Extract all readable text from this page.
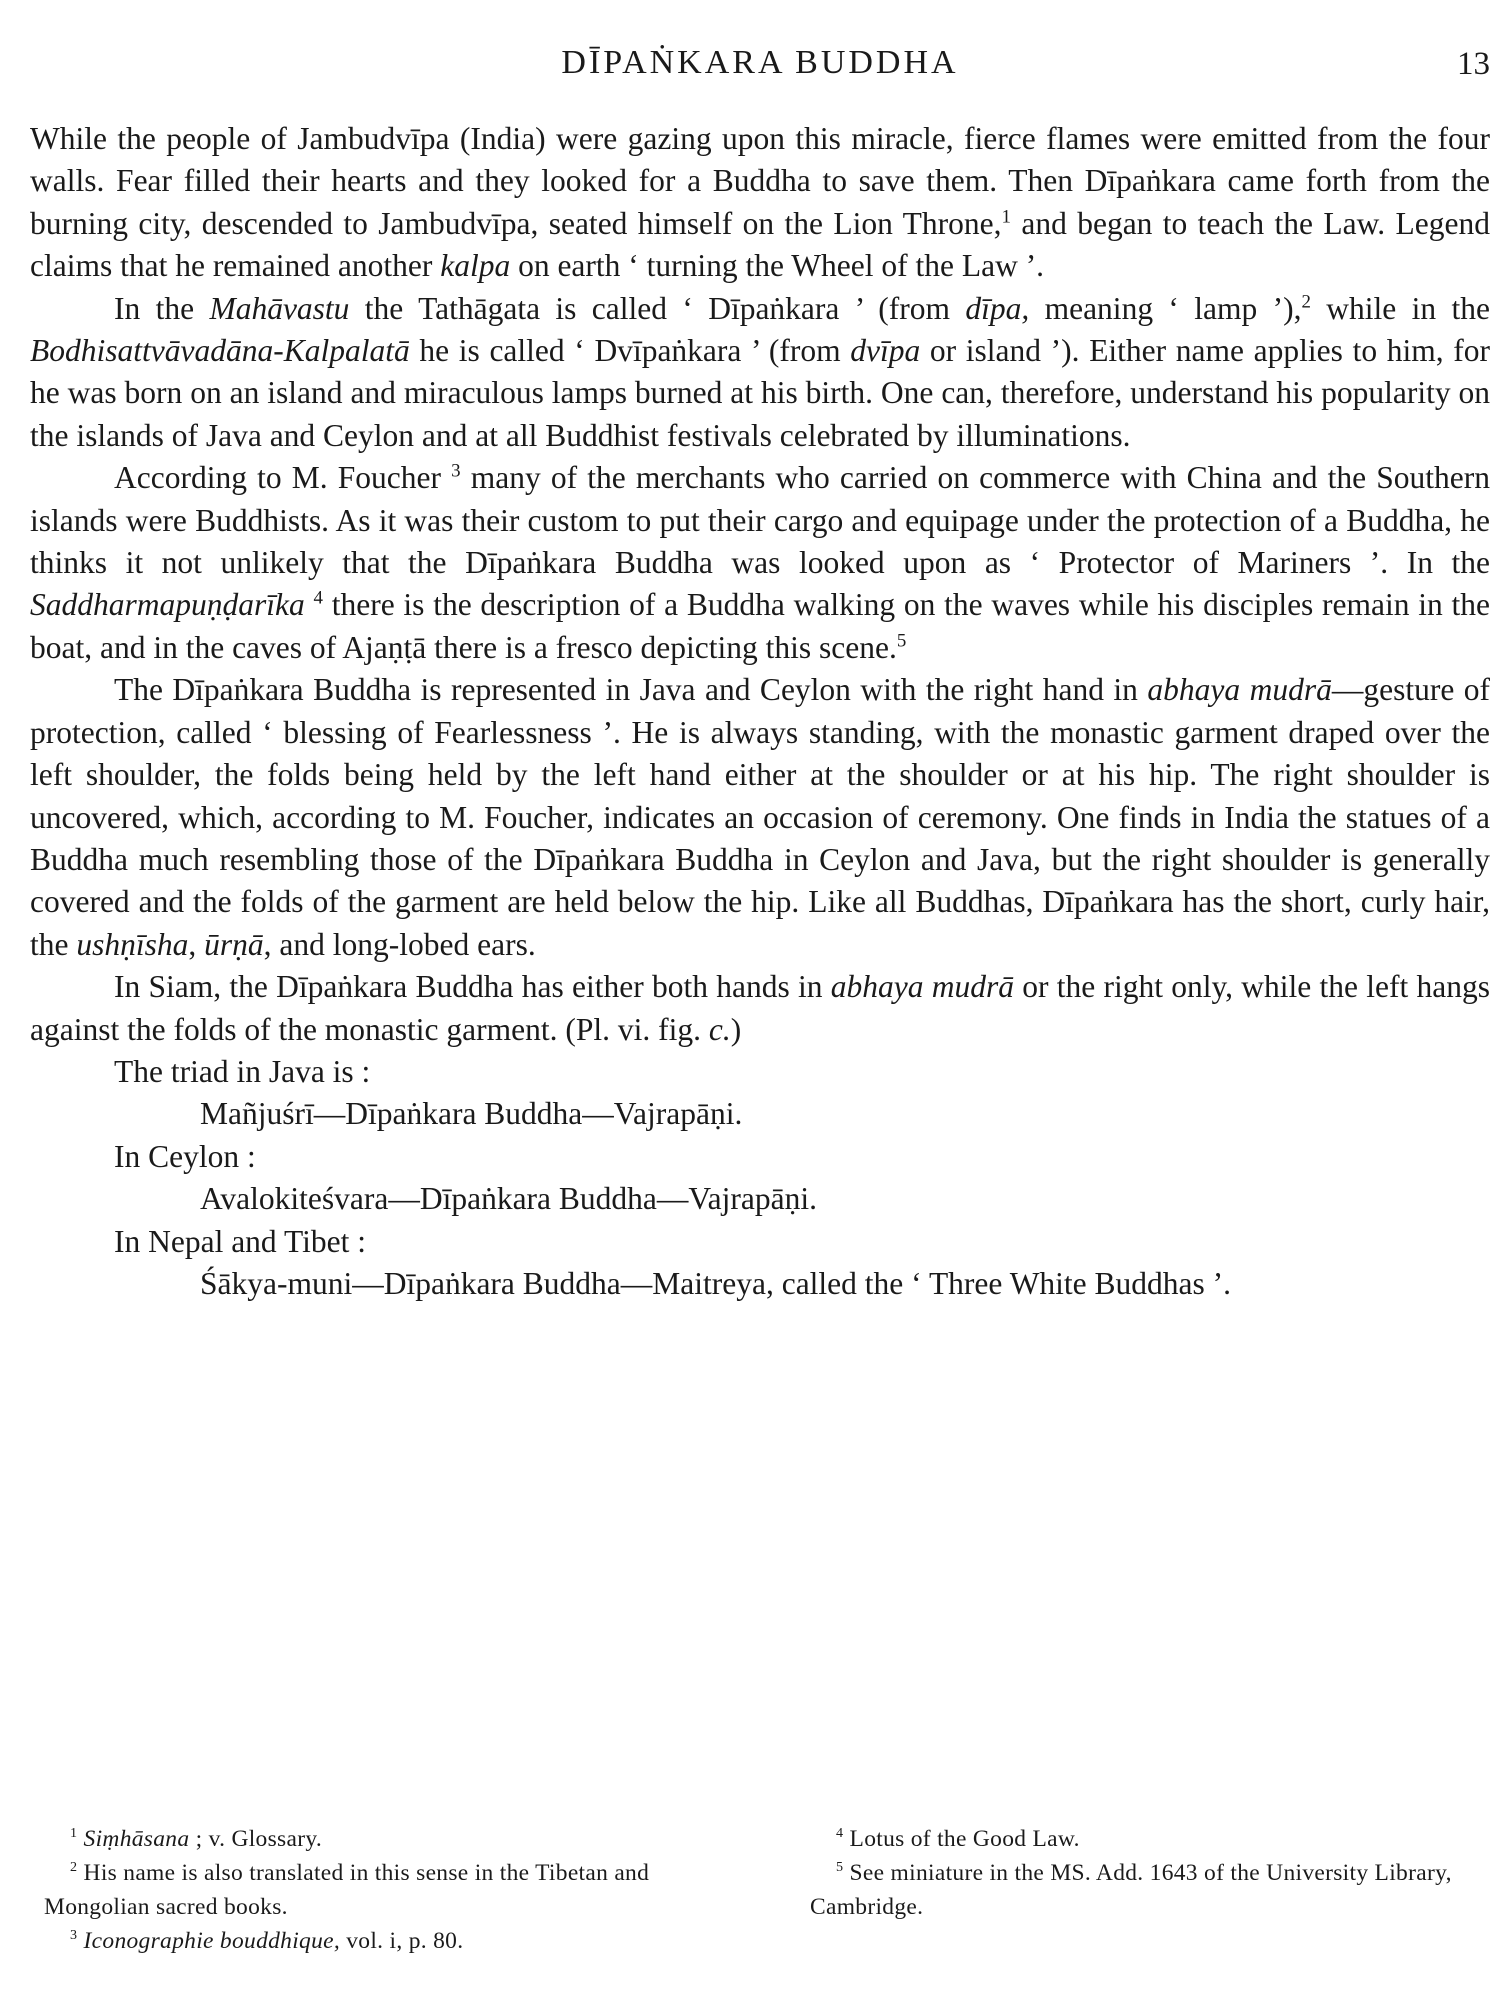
DĪPAṄKARA BUDDHA	13

While the people of Jambudvīpa (India) were gazing upon this miracle, fierce flames were emitted from the four walls. Fear filled their hearts and they looked for a Buddha to save them. Then Dīpaṅkara came forth from the burning city, descended to Jambudvīpa, seated himself on the Lion Throne,$^1$ and began to teach the Law. Legend claims that he remained another kalpa on earth ‘ turning the Wheel of the Law ’.

In the Mahāvastu the Tathāgata is called ‘ Dīpaṅkara ’ (from dīpa, meaning ‘ lamp ’),$^2$ while in the Bodhisattvāvadāna-Kalpalatā he is called ‘ Dvīpaṅkara ’ (from dvīpa or island ’). Either name applies to him, for he was born on an island and miraculous lamps burned at his birth. One can, therefore, understand his popularity on the islands of Java and Ceylon and at all Buddhist festivals celebrated by illuminations.

According to M. Foucher $^3$ many of the merchants who carried on commerce with China and the Southern islands were Buddhists. As it was their custom to put their cargo and equipage under the protection of a Buddha, he thinks it not unlikely that the Dīpaṅkara Buddha was looked upon as ‘ Protector of Mariners ’. In the Saddharmapuṇḍarīka $^4$ there is the description of a Buddha walking on the waves while his disciples remain in the boat, and in the caves of Ajaṇṭā there is a fresco depicting this scene.$^5$

The Dīpaṅkara Buddha is represented in Java and Ceylon with the right hand in abhaya mudrā—gesture of protection, called ‘ blessing of Fearlessness ’. He is always standing, with the monastic garment draped over the left shoulder, the folds being held by the left hand either at the shoulder or at his hip. The right shoulder is uncovered, which, according to M. Foucher, indicates an occasion of ceremony. One finds in India the statues of a Buddha much resembling those of the Dīpaṅkara Buddha in Ceylon and Java, but the right shoulder is generally covered and the folds of the garment are held below the hip. Like all Buddhas, Dīpaṅkara has the short, curly hair, the ushṇīsha, ūrṇā, and long-lobed ears.

In Siam, the Dīpaṅkara Buddha has either both hands in abhaya mudrā or the right only, while the left hangs against the folds of the monastic garment. (Pl. vi. fig. c.)

The triad in Java is :

Mañjuśrī—Dīpaṅkara Buddha—Vajrapāṇi.

In Ceylon :

Avalokiteśvara—Dīpaṅkara Buddha—Vajrapāṇi.

In Nepal and Tibet :

Śākya-muni—Dīpaṅkara Buddha—Maitreya, called the ‘ Three White Buddhas ’.

$^1$ Siṃhāsana ; v. Glossary.

$^2$ His name is also translated in this sense in the Tibetan and Mongolian sacred books.

$^3$ Iconographie bouddhique, vol. i, p. 80.

$^4$ Lotus of the Good Law.

$^5$ See miniature in the MS. Add. 1643 of the University Library, Cambridge.
